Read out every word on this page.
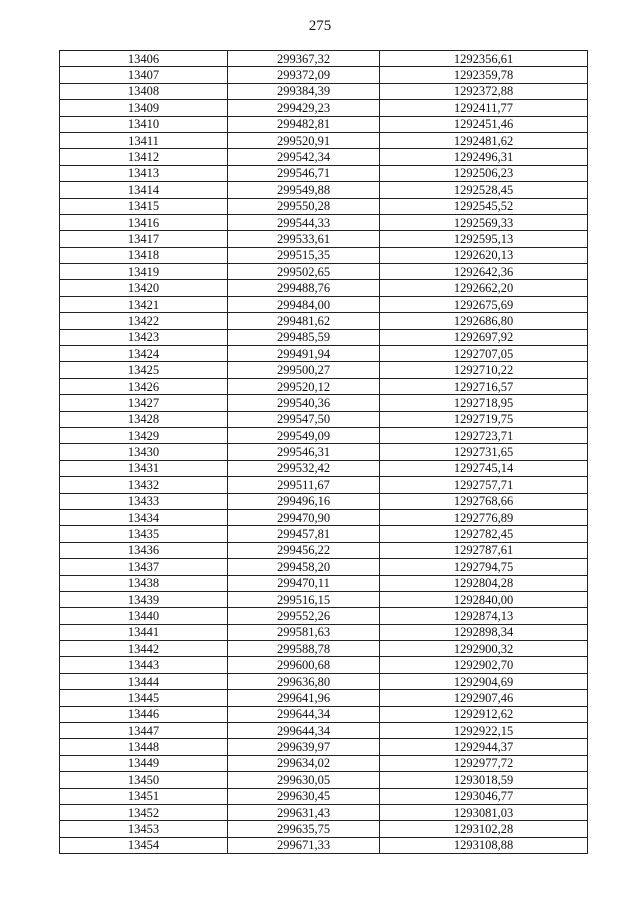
275
13406	299367,32	1292356,61
13407	299372,09	1292359,78
13408	299384,39	1292372,88
13409	299429,23	1292411,77
13410	299482,81	1292451,46
13411	299520,91	1292481,62
13412	299542,34	1292496,31
13413	299546,71	1292506,23
13414	299549,88	1292528,45
13415	299550,28	1292545,52
13416	299544,33	1292569,33
13417	299533,61	1292595,13
13418	299515,35	1292620,13
13419	299502,65	1292642,36
13420	299488,76	1292662,20
13421	299484,00	1292675,69
13422	299481,62	1292686,80
13423	299485,59	1292697,92
13424	299491,94	1292707,05
13425	299500,27	1292710,22
13426	299520,12	1292716,57
13427	299540,36	1292718,95
13428	299547,50	1292719,75
13429	299549,09	1292723,71
13430	299546,31	1292731,65
13431	299532,42	1292745,14
13432	299511,67	1292757,71
13433	299496,16	1292768,66
13434	299470,90	1292776,89
13435	299457,81	1292782,45
13436	299456,22	1292787,61
13437	299458,20	1292794,75
13438	299470,11	1292804,28
13439	299516,15	1292840,00
13440	299552,26	1292874,13
13441	299581,63	1292898,34
13442	299588,78	1292900,32
13443	299600,68	1292902,70
13444	299636,80	1292904,69
13445	299641,96	1292907,46
13446	299644,34	1292912,62
13447	299644,34	1292922,15
13448	299639,97	1292944,37
13449	299634,02	1292977,72
13450	299630,05	1293018,59
13451	299630,45	1293046,77
13452	299631,43	1293081,03
13453	299635,75	1293102,28
13454	299671,33	1293108,88
